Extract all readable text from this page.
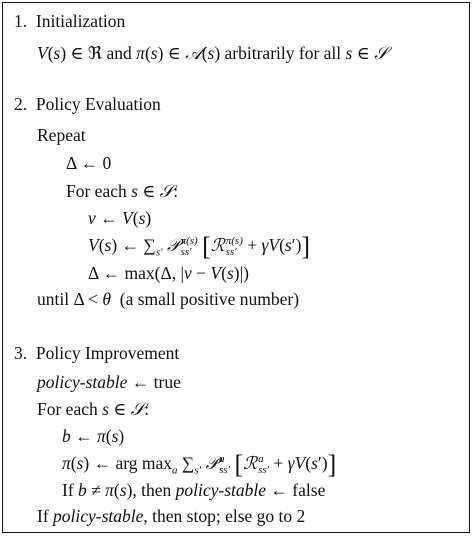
1. Initialization
V(s) ∈ ℜ and π(s) ∈ 𝒜(s) arbitrarily for all s ∈ 𝒮
2. Policy Evaluation
Repeat
Δ ← 0
For each s ∈ 𝒮:
v ← V(s)
V(s) ← $\sum_{s'}$ 𝒫 π(s)
ss′ [ℛ π(s)
ss′ + γV(s′)]
Δ ← max(Δ, |v − V(s)|)
until Δ < θ (a small positive number)
3. Policy Improvement
policy-stable ← true
For each s ∈ 𝒮:
b ← π(s)
π(s) ← arg $\max_a \sum_{s'}$ 𝒫 a
ss′ [ℛ a
ss′ + γV(s′)]
If b ≠ π(s), then policy-stable ← false
If policy-stable, then stop; else go to 2
